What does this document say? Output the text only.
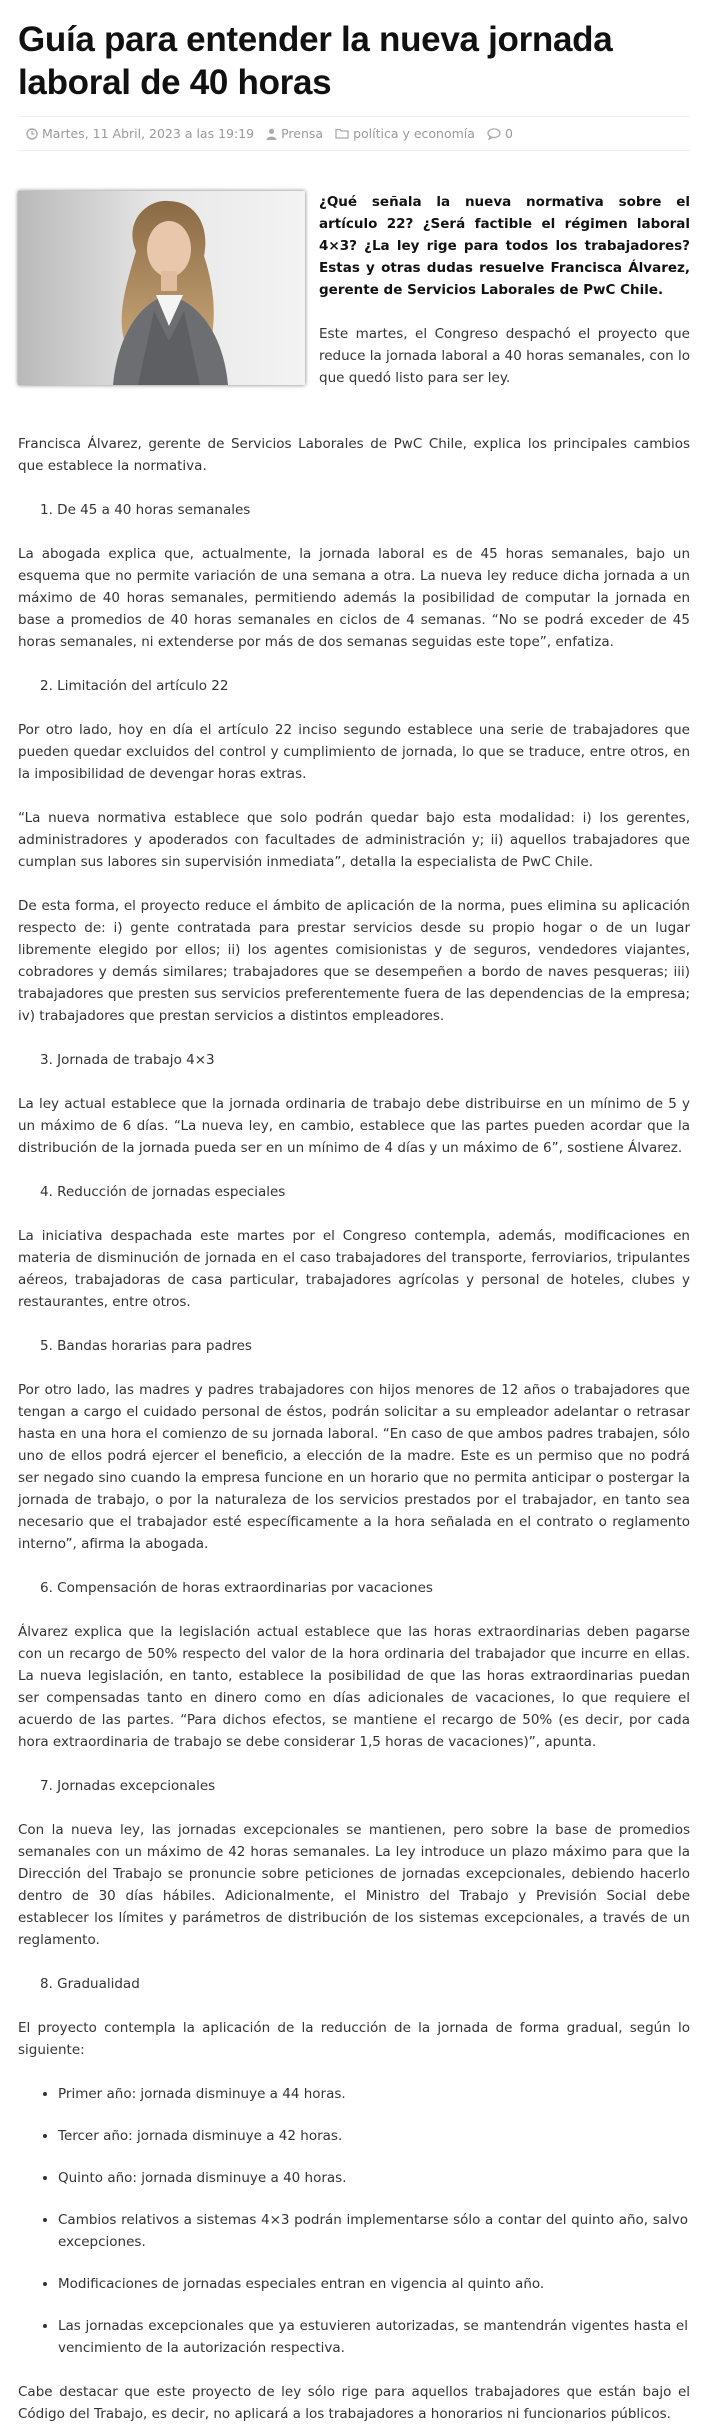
Guía para entender la nueva jornada laboral de 40 horas
Martes, 11 Abril, 2023 a las 19:19 Prensa política y economía 0

¿Qué señala la nueva normativa sobre el artículo 22? ¿Será factible el régimen laboral 4×3? ¿La ley rige para todos los trabajadores? Estas y otras dudas resuelve Francisca Álvarez, gerente de Servicios Laborales de PwC Chile.

Este martes, el Congreso despachó el proyecto que reduce la jornada laboral a 40 horas semanales, con lo que quedó listo para ser ley.

Francisca Álvarez, gerente de Servicios Laborales de PwC Chile, explica los principales cambios que establece la normativa.

1. De 45 a 40 horas semanales

La abogada explica que, actualmente, la jornada laboral es de 45 horas semanales, bajo un esquema que no permite variación de una semana a otra. La nueva ley reduce dicha jornada a un máximo de 40 horas semanales, permitiendo además la posibilidad de computar la jornada en base a promedios de 40 horas semanales en ciclos de 4 semanas. “No se podrá exceder de 45 horas semanales, ni extenderse por más de dos semanas seguidas este tope”, enfatiza.

2. Limitación del artículo 22

Por otro lado, hoy en día el artículo 22 inciso segundo establece una serie de trabajadores que pueden quedar excluidos del control y cumplimiento de jornada, lo que se traduce, entre otros, en la imposibilidad de devengar horas extras.

“La nueva normativa establece que solo podrán quedar bajo esta modalidad: i) los gerentes, administradores y apoderados con facultades de administración y; ii) aquellos trabajadores que cumplan sus labores sin supervisión inmediata”, detalla la especialista de PwC Chile.

De esta forma, el proyecto reduce el ámbito de aplicación de la norma, pues elimina su aplicación respecto de: i) gente contratada para prestar servicios desde su propio hogar o de un lugar libremente elegido por ellos; ii) los agentes comisionistas y de seguros, vendedores viajantes, cobradores y demás similares; trabajadores que se desempeñen a bordo de naves pesqueras; iii) trabajadores que presten sus servicios preferentemente fuera de las dependencias de la empresa; iv) trabajadores que prestan servicios a distintos empleadores.

3. Jornada de trabajo 4×3

La ley actual establece que la jornada ordinaria de trabajo debe distribuirse en un mínimo de 5 y un máximo de 6 días. “La nueva ley, en cambio, establece que las partes pueden acordar que la distribución de la jornada pueda ser en un mínimo de 4 días y un máximo de 6”, sostiene Álvarez.

4. Reducción de jornadas especiales

La iniciativa despachada este martes por el Congreso contempla, además, modificaciones en materia de disminución de jornada en el caso trabajadores del transporte, ferroviarios, tripulantes aéreos, trabajadoras de casa particular, trabajadores agrícolas y personal de hoteles, clubes y restaurantes, entre otros.

5. Bandas horarias para padres

Por otro lado, las madres y padres trabajadores con hijos menores de 12 años o trabajadores que tengan a cargo el cuidado personal de éstos, podrán solicitar a su empleador adelantar o retrasar hasta en una hora el comienzo de su jornada laboral. “En caso de que ambos padres trabajen, sólo uno de ellos podrá ejercer el beneficio, a elección de la madre. Este es un permiso que no podrá ser negado sino cuando la empresa funcione en un horario que no permita anticipar o postergar la jornada de trabajo, o por la naturaleza de los servicios prestados por el trabajador, en tanto sea necesario que el trabajador esté específicamente a la hora señalada en el contrato o reglamento interno”, afirma la abogada.

6. Compensación de horas extraordinarias por vacaciones

Álvarez explica que la legislación actual establece que las horas extraordinarias deben pagarse con un recargo de 50% respecto del valor de la hora ordinaria del trabajador que incurre en ellas. La nueva legislación, en tanto, establece la posibilidad de que las horas extraordinarias puedan ser compensadas tanto en dinero como en días adicionales de vacaciones, lo que requiere el acuerdo de las partes. “Para dichos efectos, se mantiene el recargo de 50% (es decir, por cada hora extraordinaria de trabajo se debe considerar 1,5 horas de vacaciones)”, apunta.

7. Jornadas excepcionales

Con la nueva ley, las jornadas excepcionales se mantienen, pero sobre la base de promedios semanales con un máximo de 42 horas semanales. La ley introduce un plazo máximo para que la Dirección del Trabajo se pronuncie sobre peticiones de jornadas excepcionales, debiendo hacerlo dentro de 30 días hábiles. Adicionalmente, el Ministro del Trabajo y Previsión Social debe establecer los límites y parámetros de distribución de los sistemas excepcionales, a través de un reglamento.

8. Gradualidad

El proyecto contempla la aplicación de la reducción de la jornada de forma gradual, según lo siguiente:

• Primer año: jornada disminuye a 44 horas.
• Tercer año: jornada disminuye a 42 horas.
• Quinto año: jornada disminuye a 40 horas.
• Cambios relativos a sistemas 4×3 podrán implementarse sólo a contar del quinto año, salvo excepciones.
• Modificaciones de jornadas especiales entran en vigencia al quinto año.
• Las jornadas excepcionales que ya estuvieren autorizadas, se mantendrán vigentes hasta el vencimiento de la autorización respectiva.

Cabe destacar que este proyecto de ley sólo rige para aquellos trabajadores que están bajo el Código del Trabajo, es decir, no aplicará a los trabajadores a honorarios ni funcionarios públicos.
